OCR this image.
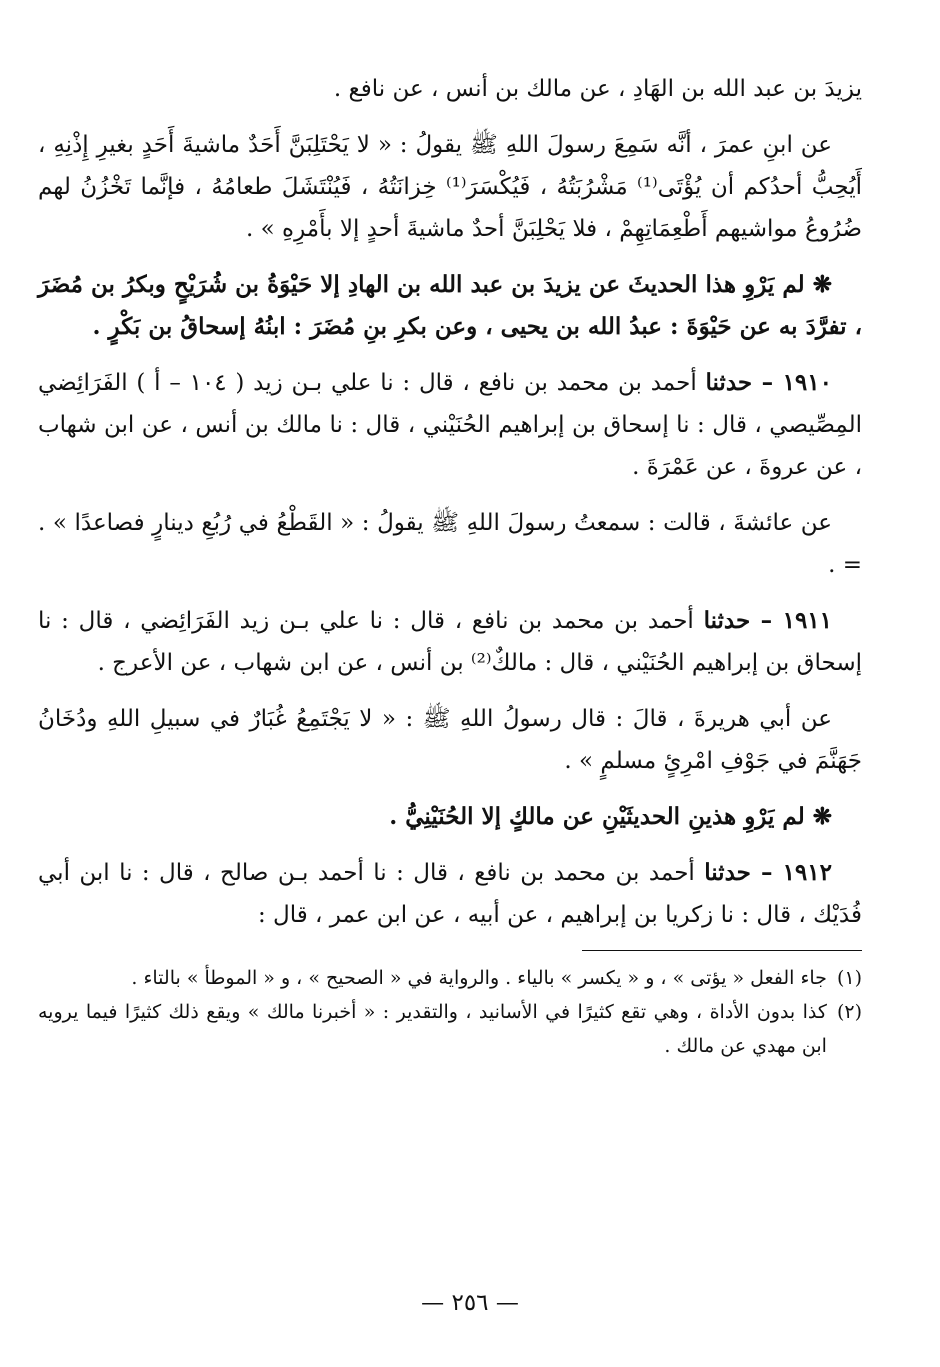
يزيدَ بن عبد الله بن الهَادِ ، عن مالك بن أنس ، عن نافع .

عن ابنِ عمرَ ، أنَّه سَمِعَ رسولَ اللهِ ﷺ يقولُ : « لا يَحْتَلِبَنَّ أَحَدٌ ماشيةَ أَحَدٍ بغيرِ إِذْنِهِ ، أَيُحِبُّ أحدُكم أن يُؤْتَى⁽¹⁾ مَشْرُبَتُهُ ، فَيُكْسَرَ⁽¹⁾ خِزانَتُهُ ، فَيُنْتَشَلَ طعامُهُ ، فإنَّما تَخْزُنُ لهم ضُرُوعُ مواشيهم أَطْعِمَاتِهِمْ ، فلا يَحْلِبَنَّ أحدٌ ماشيةَ أحدٍ إلا بأَمْرِهِ » .

❋ لم يَرْوِ هذا الحديثَ عن يزيدَ بن عبد الله بن الهادِ إلا حَيْوَةُ بن شُرَيْحٍ وبكرُ بن مُضَرَ ، تفرَّدَ به عن حَيْوَةَ : عبدُ الله بن يحيى ، وعن بكرِ بنِ مُضَرَ : ابنُهُ إسحاقُ بن بَكْرٍ .

١٩١٠ – حدثنا أحمد بن محمد بن نافع ، قال : نا علي بـن زيد ( ١٠٤ – أ ) الفَرَائِضي المِصِّيصي ، قال : نا إسحاق بن إبراهيم الحُنَيْني ، قال : نا مالك بن أنس ، عن ابن شهاب ، عن عروةَ ، عن عَمْرَةَ .

عن عائشةَ ، قالت : سمعتُ رسولَ اللهِ ﷺ يقولُ : « القَطْعُ في رُبُعِ دينارٍ فصاعدًا » . = .

١٩١١ – حدثنا أحمد بن محمد بن نافع ، قال : نا علي بـن زيد الفَرَائِضي ، قال : نا إسحاق بن إبراهيم الحُنَيْني ، قال : مالكٌ⁽²⁾ بن أنس ، عن ابن شهاب ، عن الأعرج .

عن أبي هريرةَ ، قالَ : قال رسولُ اللهِ ﷺ : « لا يَجْتَمِعُ غُبَارٌ في سبيلِ اللهِ ودُخَانُ جَهَنَّمَ في جَوْفِ امْرِئٍ مسلمٍ » .

❋ لم يَرْوِ هذينِ الحديثَيْنِ عن مالكٍ إلا الحُنَيْنِيُّ .

١٩١٢ – حدثنا أحمد بن محمد بن نافع ، قال : نا أحمد بـن صالح ، قال : نا ابن أبي فُدَيْك ، قال : نا زكريا بن إبراهيم ، عن أبيه ، عن ابن عمر ، قال :

(١)
جاء الفعل « يؤتى » ، و « يكسر » بالياء . والرواية في « الصحيح » ، و « الموطأ » بالتاء .
(٢)
كذا بدون الأداة ، وهي تقع كثيرًا في الأسانيد ، والتقدير : « أخبرنا مالك » ويقع ذلك كثيرًا فيما يرويه ابن مهدي عن مالك .
— ٢٥٦ —
